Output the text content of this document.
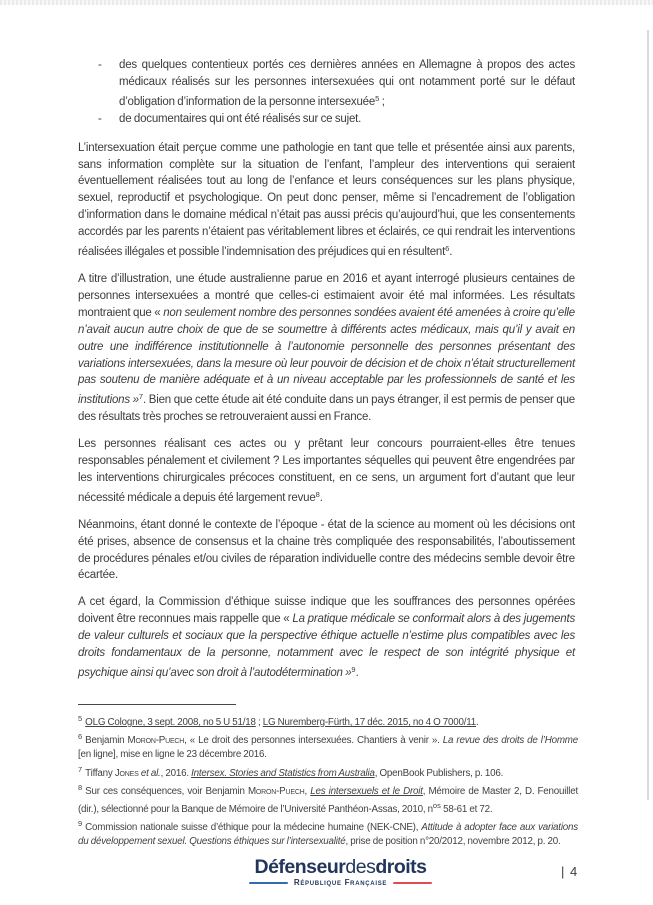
-	des quelques contentieux portés ces dernières années en Allemagne à propos des actes médicaux réalisés sur les personnes intersexuées qui ont notamment porté sur le défaut d’obligation d’information de la personne intersexuée$^5$ ;
-	de documentaires qui ont été réalisés sur ce sujet.

L’intersexuation était perçue comme une pathologie en tant que telle et présentée ainsi aux parents, sans information complète sur la situation de l’enfant, l’ampleur des interventions qui seraient éventuellement réalisées tout au long de l’enfance et leurs conséquences sur les plans physique, sexuel, reproductif et psychologique. On peut donc penser, même si l’encadrement de l’obligation d’information dans le domaine médical n’était pas aussi précis qu’aujourd’hui, que les consentements accordés par les parents n’étaient pas véritablement libres et éclairés, ce qui rendrait les interventions réalisées illégales et possible l’indemnisation des préjudices qui en résultent$^6$.

A titre d’illustration, une étude australienne parue en 2016 et ayant interrogé plusieurs centaines de personnes intersexuées a montré que celles-ci estimaient avoir été mal informées. Les résultats montraient que « non seulement nombre des personnes sondées avaient été amenées à croire qu’elle n’avait aucun autre choix de que de se soumettre à différents actes médicaux, mais qu’il y avait en outre une indifférence institutionnelle à l’autonomie personnelle des personnes présentant des variations intersexuées, dans la mesure où leur pouvoir de décision et de choix n’était structurellement pas soutenu de manière adéquate et à un niveau acceptable par les professionnels de santé et les institutions »$^7$. Bien que cette étude ait été conduite dans un pays étranger, il est permis de penser que des résultats très proches se retrouveraient aussi en France.

Les personnes réalisant ces actes ou y prêtant leur concours pourraient-elles être tenues responsables pénalement et civilement ? Les importantes séquelles qui peuvent être engendrées par les interventions chirurgicales précoces constituent, en ce sens, un argument fort d’autant que leur nécessité médicale a depuis été largement revue$^8$.

Néanmoins, étant donné le contexte de l’époque - état de la science au moment où les décisions ont été prises, absence de consensus et la chaine très compliquée des responsabilités, l’aboutissement de procédures pénales et/ou civiles de réparation individuelle contre des médecins semble devoir être écartée.

A cet égard, la Commission d’éthique suisse indique que les souffrances des personnes opérées doivent être reconnues mais rappelle que « La pratique médicale se conformait alors à des jugements de valeur culturels et sociaux que la perspective éthique actuelle n’estime plus compatibles avec les droits fondamentaux de la personne, notamment avec le respect de son intégrité physique et psychique ainsi qu’avec son droit à l’autodétermination »$^9$.

$^5$ OLG Cologne, 3 sept. 2008, no 5 U 51/18 ; LG Nuremberg-Fürth, 17 déc. 2015, no 4 O 7000/11.
$^6$ Benjamin Moron-Puech, « Le droit des personnes intersexuées. Chantiers à venir ». La revue des droits de l’Homme [en ligne], mise en ligne le 23 décembre 2016.
$^7$ Tiffany Jones et al., 2016. Intersex. Stories and Statistics from Australia, OpenBook Publishers, p. 106.
$^8$ Sur ces conséquences, voir Benjamin Moron-Puech, Les intersexuels et le Droit, Mémoire de Master 2, D. Fenouillet (dir.), sélectionné pour la Banque de Mémoire de l’Université Panthéon-Assas, 2010, $n^{os}$ 58-61 et 72.
$^9$ Commission nationale suisse d’éthique pour la médecine humaine (NEK-CNE), Attitude à adopter face aux variations du développement sexuel. Questions éthiques sur l’intersexualité, prise de position n°20/2012, novembre 2012, p. 20.
Défenseurdesdroits
République Française
| 4
